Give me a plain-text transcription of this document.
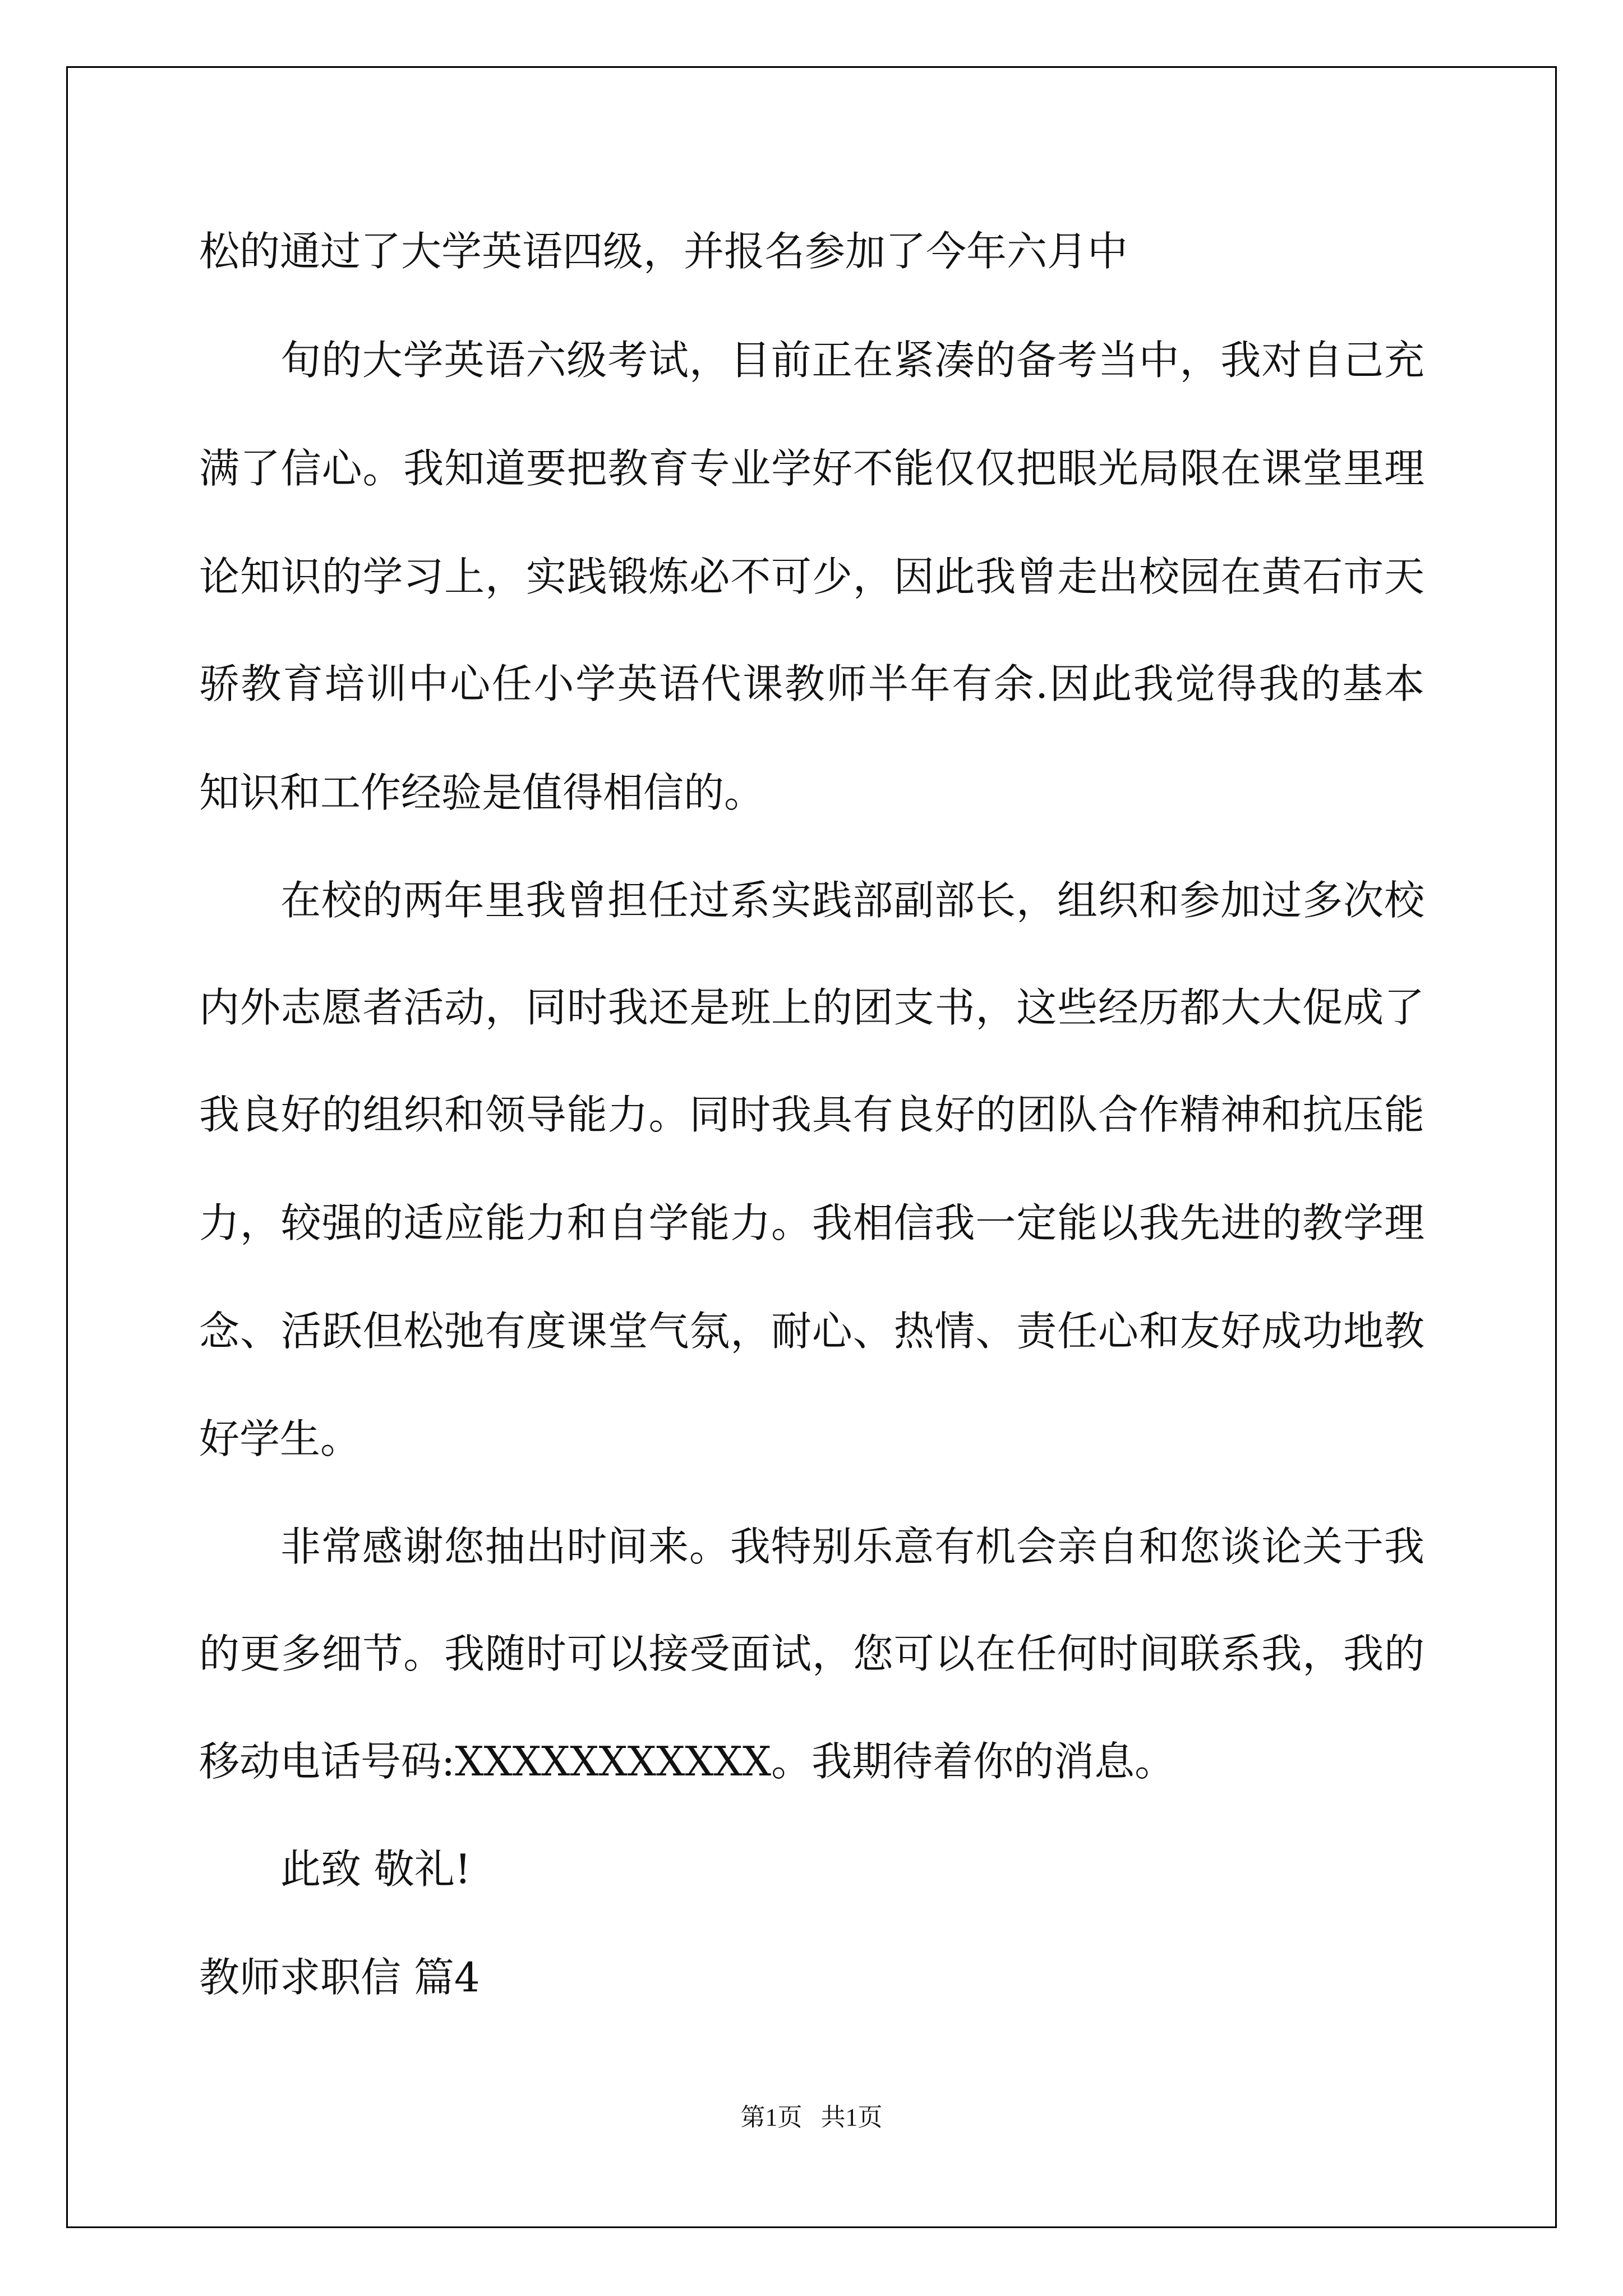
松的通过了大学英语四级，并报名参加了今年六月中

旬的大学英语六级考试，目前正在紧凑的备考当中，我对自己充

满了信心。我知道要把教育专业学好不能仅仅把眼光局限在课堂里理

论知识的学习上，实践锻炼必不可少，因此我曾走出校园在黄石市天

骄教育培训中心任小学英语代课教师半年有余.因此我觉得我的基本

知识和工作经验是值得相信的。

在校的两年里我曾担任过系实践部副部长，组织和参加过多次校

内外志愿者活动，同时我还是班上的团支书，这些经历都大大促成了

我良好的组织和领导能力。同时我具有良好的团队合作精神和抗压能

力，较强的适应能力和自学能力。我相信我一定能以我先进的教学理

念、活跃但松弛有度课堂气氛，耐心、热情、责任心和友好成功地教

好学生。

非常感谢您抽出时间来。我特别乐意有机会亲自和您谈论关于我

的更多细节。我随时可以接受面试，您可以在任何时间联系我，我的

移动电话号码:XXXXXXXXXXX。我期待着你的消息。

此致 敬礼!

教师求职信 篇4

第1页   共1页
